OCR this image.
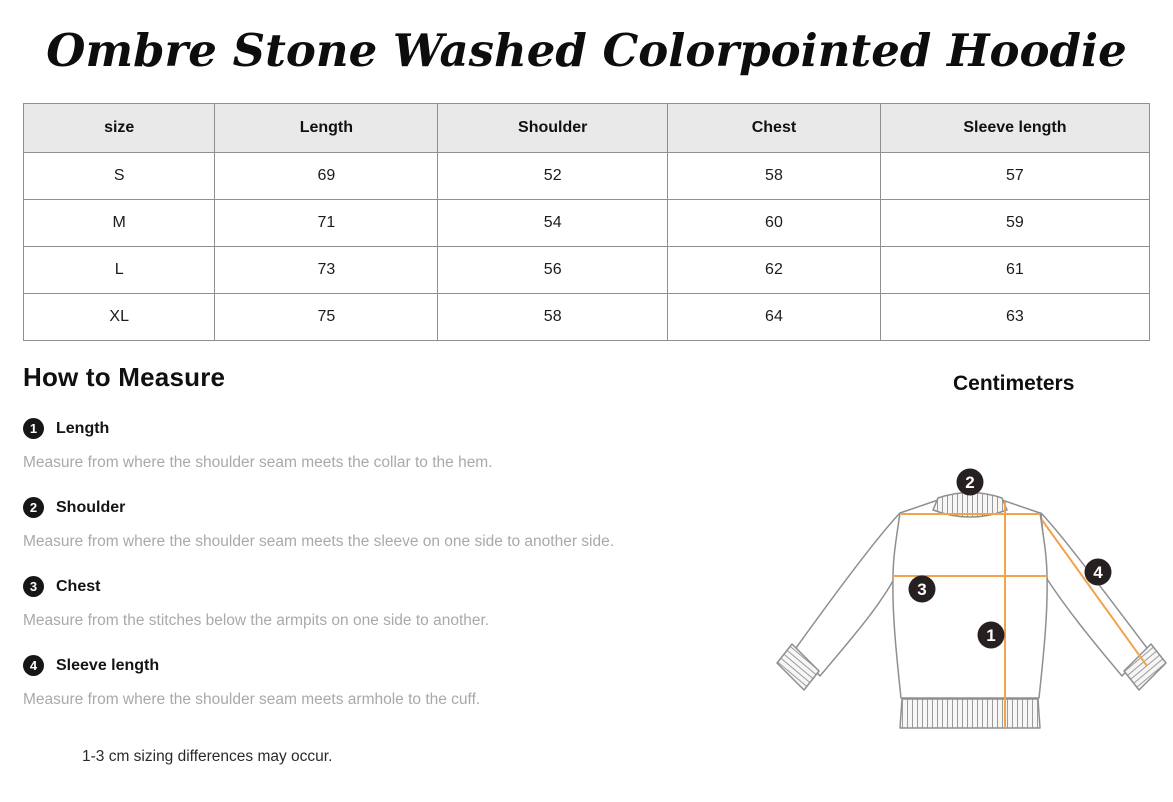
Ombre Stone Washed Colorpointed Hoodie
size	Length	Shoulder	Chest	Sleeve length
S	69	52	58	57
M	71	54	60	59
L	73	56	62	61
XL	75	58	64	63
How to Measure
1	Length

Measure from where the shoulder seam meets the collar to the hem.

2	Shoulder

Measure from where the shoulder seam meets the sleeve on one side to another side.

3	Chest

Measure from the stitches below the armpits on one side to another.

4	Sleeve length

Measure from where the shoulder seam meets armhole to the cuff.

Centimeters
2
4
3
1

1-3 cm sizing differences may occur.
